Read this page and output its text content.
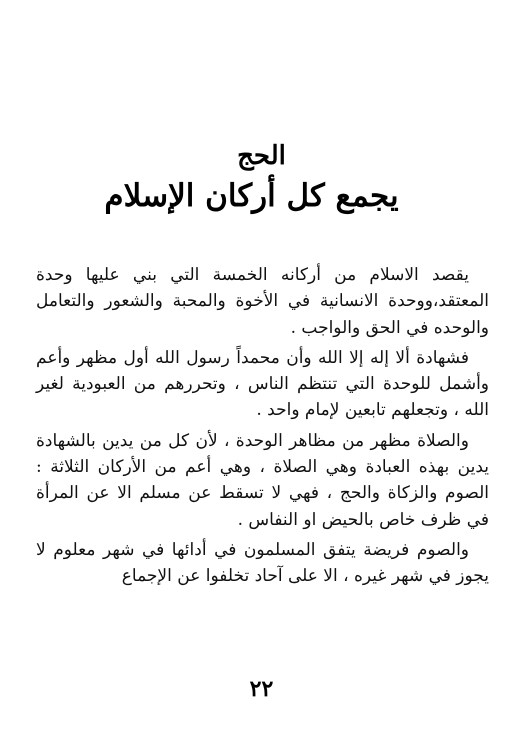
الحج
يجمع كل أركان الإسلام

يقصد الاسلام من أركانه الخمسة التي بني عليها وحدة المعتقد،ووحدة الانسانية في الأخوة والمحبة والشعور والتعامل والوحده في الحق والواجب .

فشهادة ألا إله إلا الله وأن محمداً رسول الله أول مظهر وأعم وأشمل للوحدة التي تنتظم الناس ، وتحررهم من العبودية لغير الله ، وتجعلهم تابعين لإمام واحد .

والصلاة مظهر من مظاهر الوحدة ، لأن كل من يدين بالشهادة يدين بهذه العبادة وهي الصلاة ، وهي أعم من الأركان الثلاثة : الصوم والزكاة والحج ، فهي لا تسقط عن مسلم الا عن المرأة في ظرف خاص بالحيض او النفاس .

والصوم فريضة يتفق المسلمون في أدائها في شهر معلوم لا يجوز في شهر غيره ، الا على آحاد تخلفوا عن الإجماع

٢٢
